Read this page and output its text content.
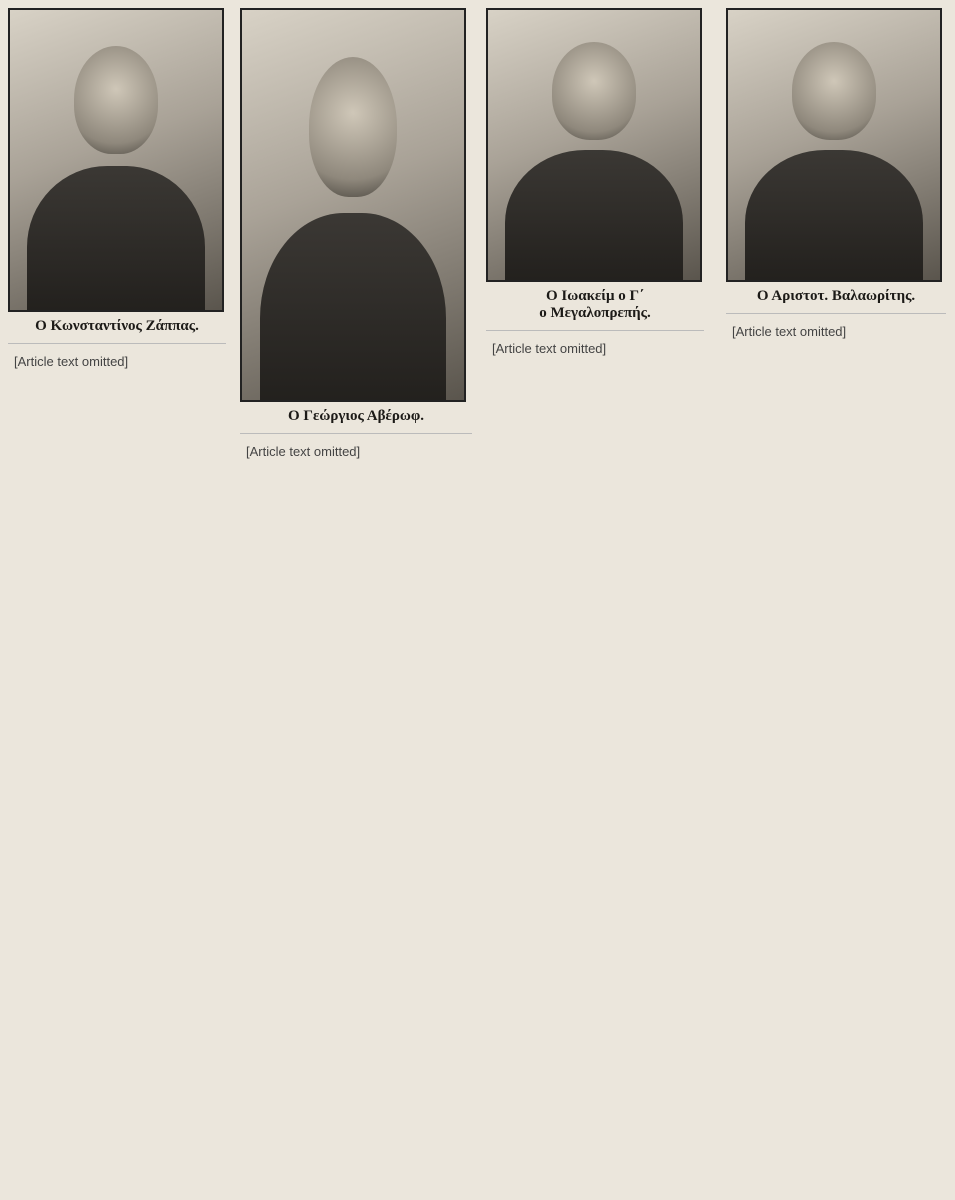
Ο Κωνσταντίνος Ζάππας.

[Article text omitted]

Ο Γεώργιος Αβέρωφ.

[Article text omitted]

Ο Ιωακείμ ο Γ΄
ο Μεγαλοπρεπής.

[Article text omitted]

Ο Αριστοτ. Βαλαωρίτης.

[Article text omitted]
